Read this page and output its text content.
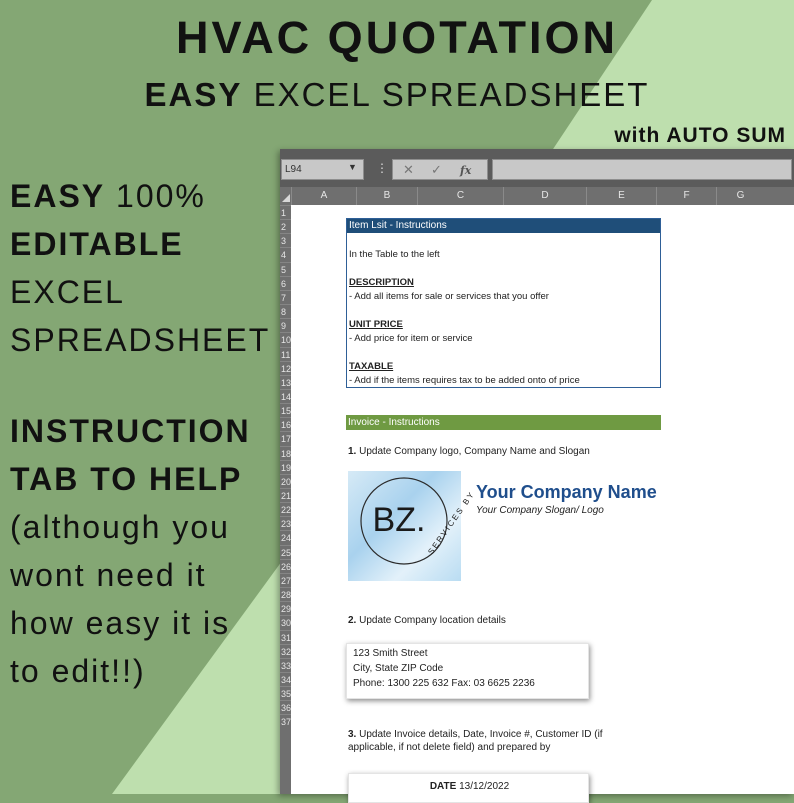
HVAC QUOTATION
EASY EXCEL SPREADSHEET
with AUTO SUM
EASY 100%
EDITABLE
EXCEL
SPREADSHEET
INSTRUCTION
TAB TO HELP
(although you
wont need it
how easy it is
to edit!!)
L94	▼ ⋮ ✕ ✓ fx
A	B	C	D	E	F	G
1
2
3
4
5
6
7
8
9
10
11
12
13
14
15
16
17
18
19
20
21
22
23
24
25
26
27
28
29
30
31
32
33
34
35
36
37
Item Lsit - Instructions
In the Table to the left
DESCRIPTION
- Add all items for sale or services that you offer
UNIT PRICE
- Add price for item or service
TAXABLE
- Add if the items requires tax to be added onto of price
Invoice - Instructions
1. Update Company logo, Company Name and Slogan
BZ. SERVICES BY Your Company Name
Your Company Slogan/ Logo
2. Update Company location details
123 Smith Street
City, State ZIP Code
Phone: 1300 225 632 Fax: 03 6625 2236
3. Update Invoice details, Date, Invoice #, Customer ID (if
applicable, if not delete field) and prepared by
DATE 13/12/2022
